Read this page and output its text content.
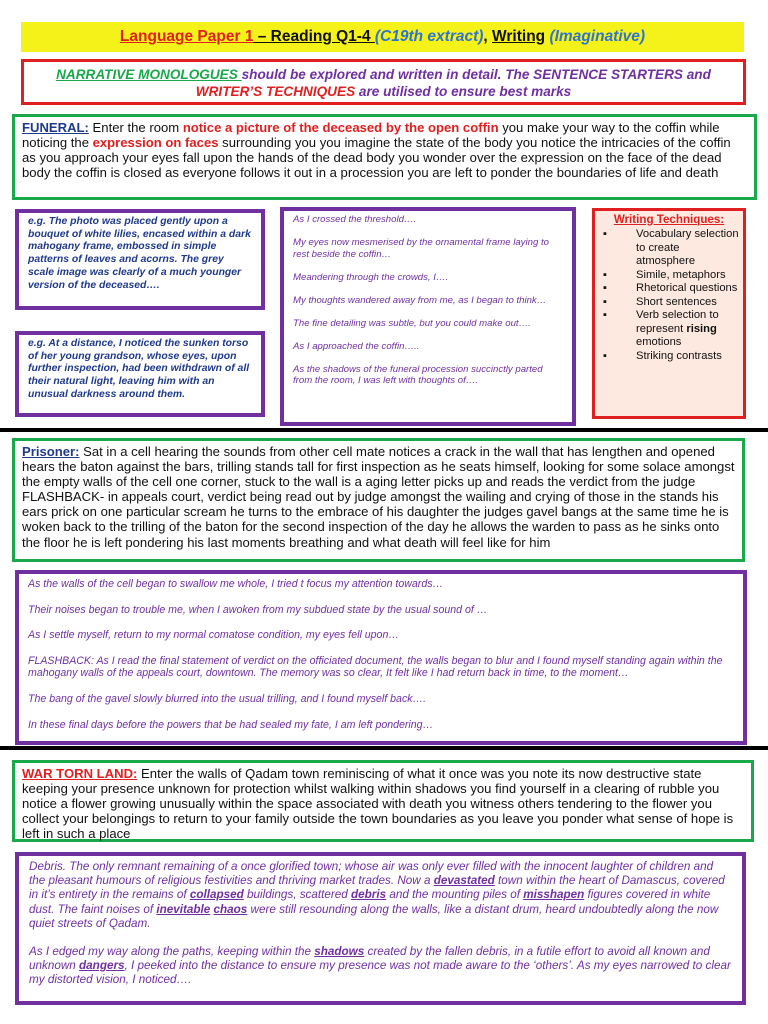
Language Paper 1 – Reading Q1-4 (C19th extract), Writing (Imaginative)
NARRATIVE MONOLOGUES should be explored and written in detail. The SENTENCE STARTERS and WRITER’S TECHNIQUES are utilised to ensure best marks
FUNERAL: Enter the room notice a picture of the deceased by the open coffin you make your way to the coffin while noticing the expression on faces surrounding you you imagine the state of the body you notice the intricacies of the coffin as you approach your eyes fall upon the hands of the dead body you wonder over the expression on the face of the dead body the coffin is closed as everyone follows it out in a procession you are left to ponder the boundaries of life and death
e.g. The photo was placed gently upon a bouquet of white lilies, encased within a dark mahogany frame, embossed in simple patterns of leaves and acorns. The grey scale image was clearly of a much younger version of the deceased….
e.g. At a distance, I noticed the sunken torso of her young grandson, whose eyes, upon further inspection, had been withdrawn of all their natural light, leaving him with an unusual darkness around them.

As I crossed the threshold….

My eyes now mesmerised by the ornamental frame laying to rest beside the coffin…

Meandering through the crowds, I….

My thoughts wandered away from me, as I began to think…

The fine detailing was subtle, but you could make out….

As I approached the coffin…..

As the shadows of the funeral procession succinctly parted from the room, I was left with thoughts of….

Writing Techniques:
▪ Vocabulary selection to create atmosphere
▪ Simile, metaphors
▪ Rhetorical questions
▪ Short sentences
▪ Verb selection to represent rising emotions
▪ Striking contrasts
Prisoner: Sat in a cell hearing the sounds from other cell mate notices a crack in the wall that has lengthen and opened hears the baton against the bars, trilling stands tall for first inspection as he seats himself, looking for some solace amongst the empty walls of the cell one corner, stuck to the wall is a aging letter picks up and reads the verdict from the judge FLASHBACK- in appeals court, verdict being read out by judge amongst the wailing and crying of those in the stands his ears prick on one particular scream he turns to the embrace of his daughter the judges gavel bangs at the same time he is woken back to the trilling of the baton for the second inspection of the day he allows the warden to pass as he sinks onto the floor he is left pondering his last moments breathing and what death will feel like for him

As the walls of the cell began to swallow me whole, I tried t focus my attention towards…

Their noises began to trouble me, when I awoken from my subdued state by the usual sound of …

As I settle myself, return to my normal comatose condition, my eyes fell upon…

FLASHBACK: As I read the final statement of verdict on the officiated document, the walls began to blur and I found myself standing again within the mahogany walls of the appeals court, downtown. The memory was so clear, It felt like I had return back in time, to the moment…

The bang of the gavel slowly blurred into the usual trilling, and I found myself back….

In these final days before the powers that be had sealed my fate, I am left pondering…

WAR TORN LAND: Enter the walls of Qadam town reminiscing of what it once was you note its now destructive state keeping your presence unknown for protection whilst walking within shadows you find yourself in a clearing of rubble you notice a flower growing unusually within the space associated with death you witness others tendering to the flower you collect your belongings to return to your family outside the town boundaries as you leave you ponder what sense of hope is left in such a place

Debris. The only remnant remaining of a once glorified town; whose air was only ever filled with the innocent laughter of children and the pleasant humours of religious festivities and thriving market trades. Now a devastated town within the heart of Damascus, covered in it’s entirety in the remains of collapsed buildings, scattered debris and the mounting piles of misshapen figures covered in white dust. The faint noises of inevitable chaos were still resounding along the walls, like a distant drum, heard undoubtedly along the now quiet streets of Qadam.

As I edged my way along the paths, keeping within the shadows created by the fallen debris, in a futile effort to avoid all known and unknown dangers, I peeked into the distance to ensure my presence was not made aware to the ‘others’. As my eyes narrowed to clear my distorted vision, I noticed….
